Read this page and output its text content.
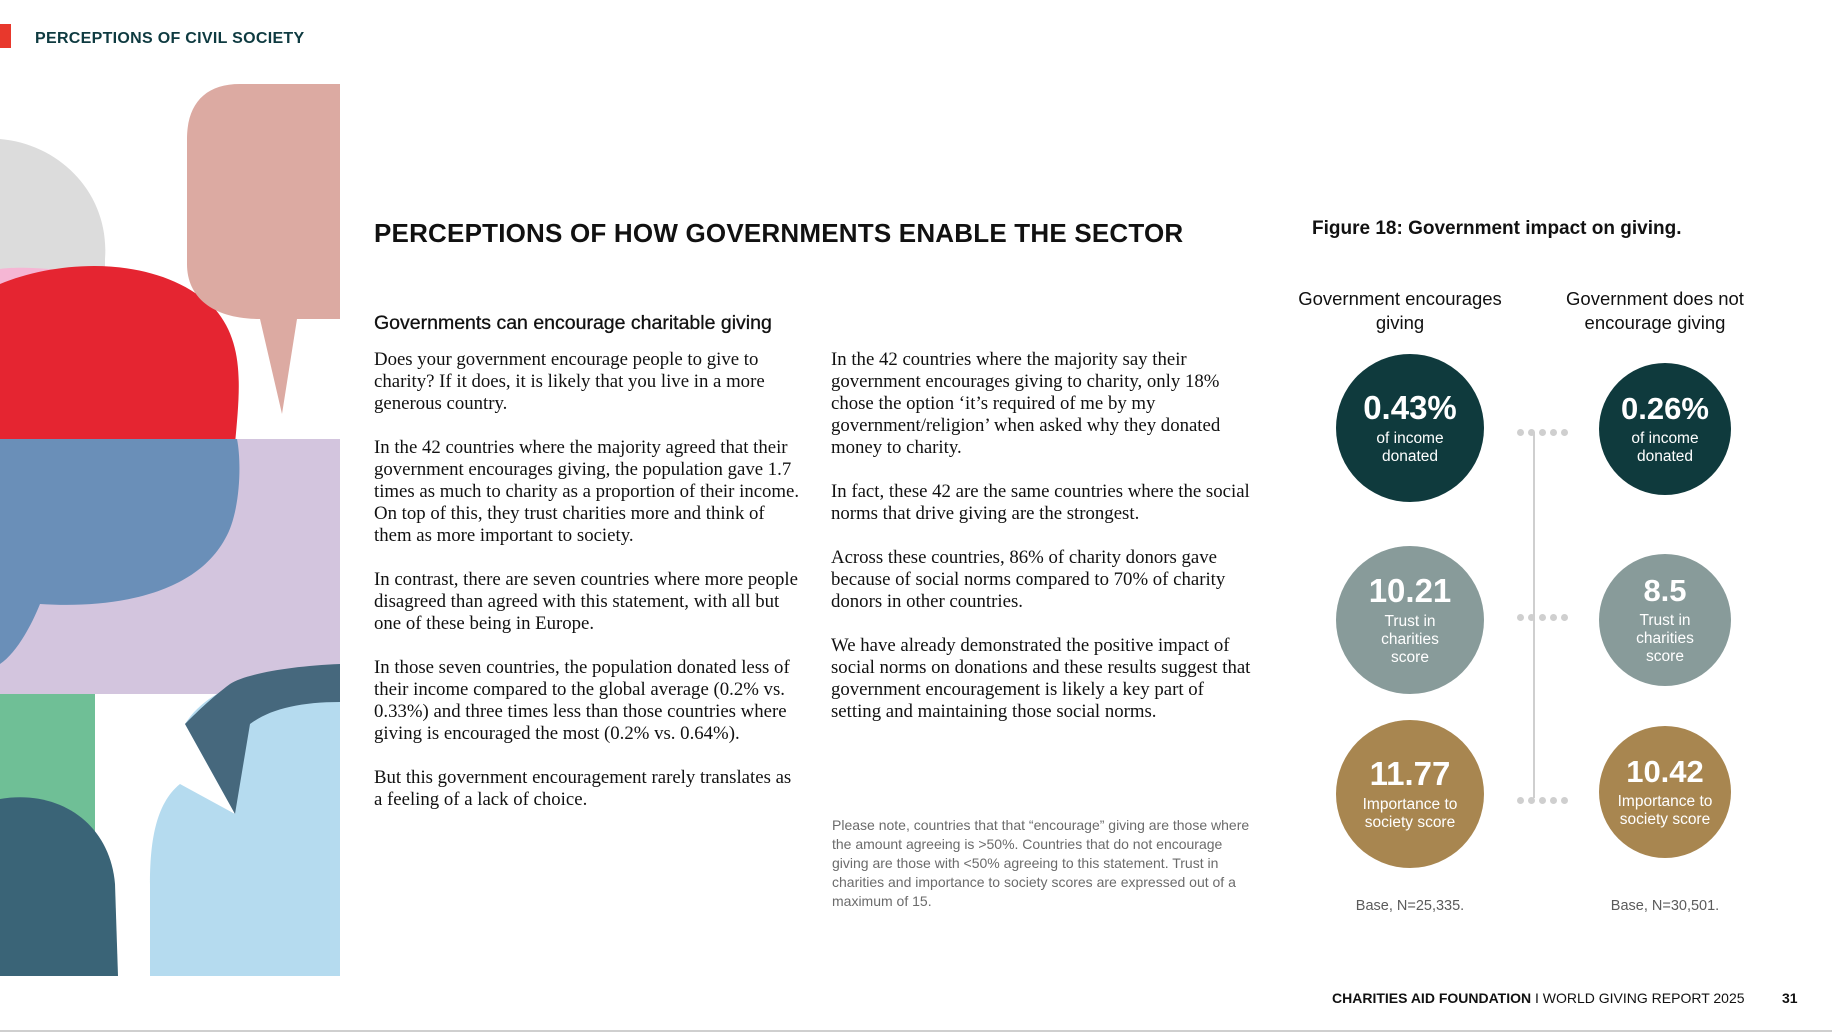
PERCEPTIONS OF CIVIL SOCIETY
PERCEPTIONS OF HOW GOVERNMENTS ENABLE THE SECTOR
Governments can encourage charitable giving

Does your government encourage people to give to charity? If it does, it is likely that you live in a more generous country.

In the 42 countries where the majority agreed that their government encourages giving, the population gave 1.7 times as much to charity as a proportion of their income. On top of this, they trust charities more and think of them as more important to society.

In contrast, there are seven countries where more people disagreed than agreed with this statement, with all but one of these being in Europe.

In those seven countries, the population donated less of their income compared to the global average (0.2% vs. 0.33%) and three times less than those countries where giving is encouraged the most (0.2% vs. 0.64%).

But this government encouragement rarely translates as a feeling of a lack of choice.

In the 42 countries where the majority say their government encourages giving to charity, only 18% chose the option ‘it’s required of me by my government/religion’ when asked why they donated money to charity.

In fact, these 42 are the same countries where the social norms that drive giving are the strongest.

Across these countries, 86% of charity donors gave because of social norms compared to 70% of charity donors in other countries.

We have already demonstrated the positive impact of social norms on donations and these results suggest that government encouragement is likely a key part of setting and maintaining those social norms.

Please note, countries that that “encourage” giving are those where the amount agreeing is >50%. Countries that do not encourage giving are those with <50% agreeing to this statement. Trust in charities and importance to society scores are expressed out of a maximum of 15.
Figure 18: Government impact on giving.
Government encourages giving
Government does not encourage giving
0.43%
of income donated
10.21
Trust in charities score
11.77
Importance to society score
0.26%
of income donated
8.5
Trust in charities score
10.42
Importance to society score
Base, N=25,335.	Base, N=30,501.
CHARITIES AID FOUNDATION I WORLD GIVING REPORT 2025	31
